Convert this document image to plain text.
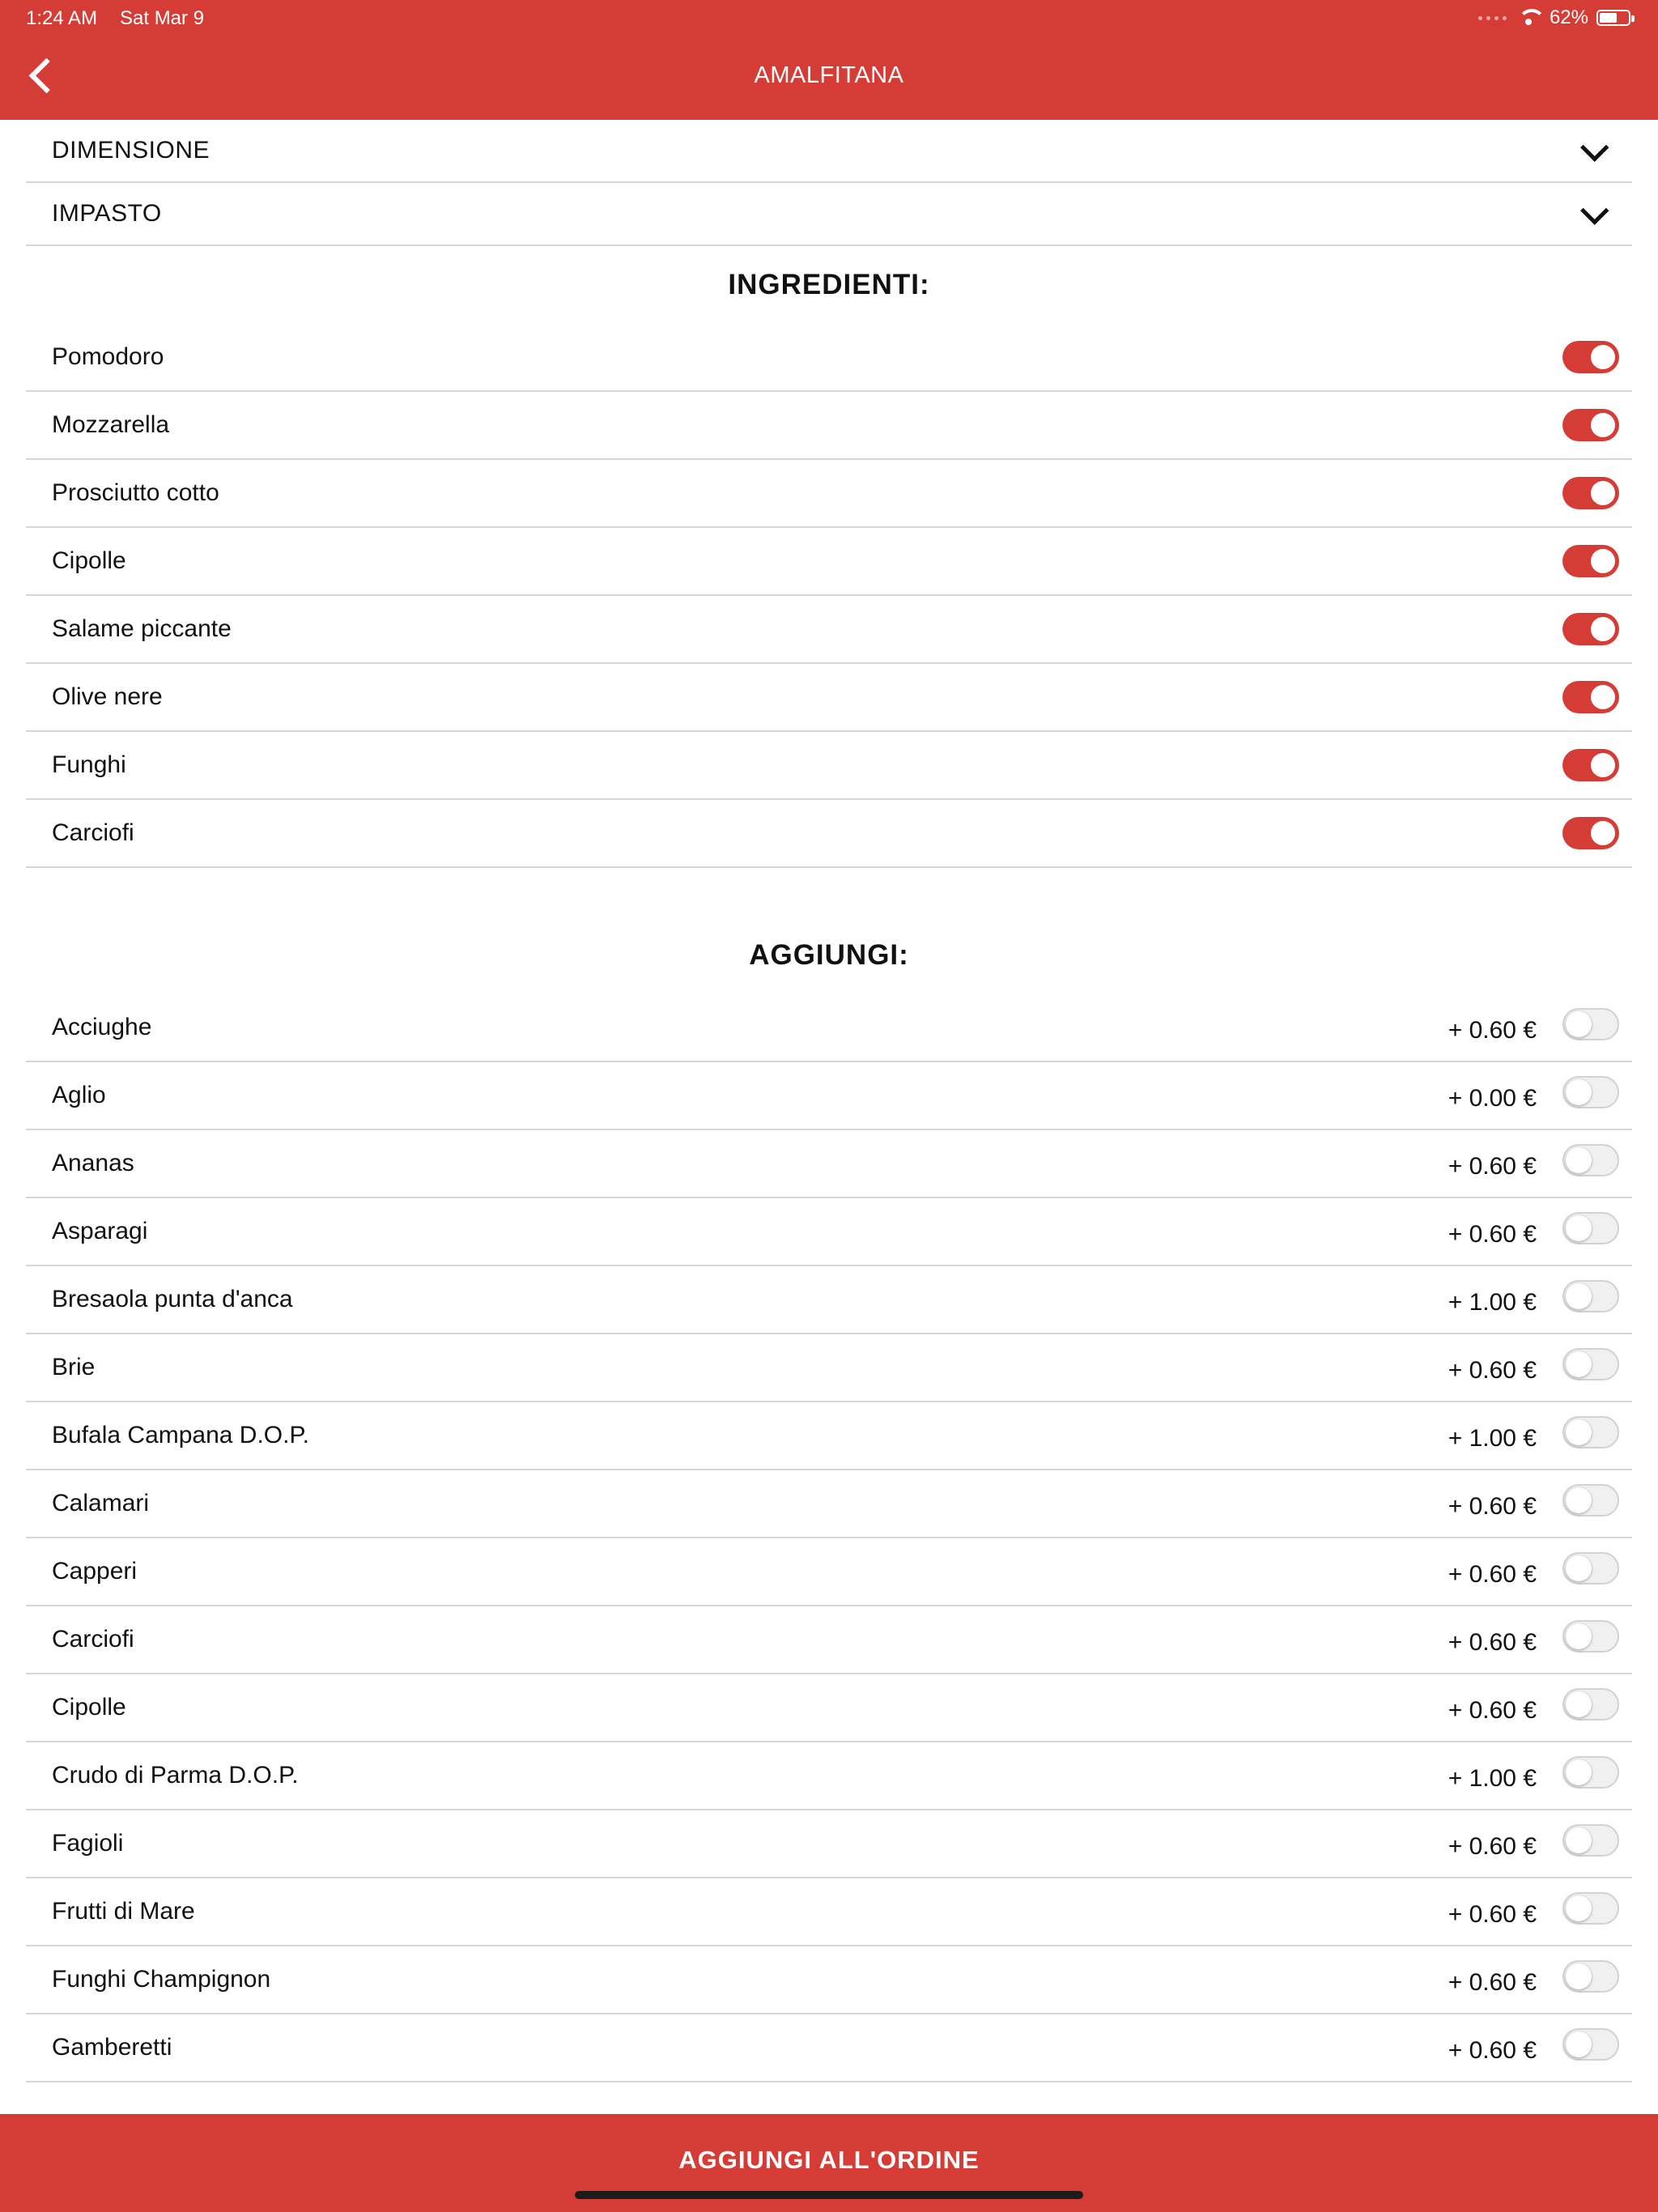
1:24 AM Sat Mar 9	62%
AMALFITANA
DIMENSIONE
IMPASTO
INGREDIENTI:
Pomodoro
Mozzarella
Prosciutto cotto
Cipolle
Salame piccante
Olive nere
Funghi
Carciofi
AGGIUNGI:
Acciughe	+ 0.60 €
Aglio	+ 0.00 €
Ananas	+ 0.60 €
Asparagi	+ 0.60 €
Bresaola punta d'anca	+ 1.00 €
Brie	+ 0.60 €
Bufala Campana D.O.P.	+ 1.00 €
Calamari	+ 0.60 €
Capperi	+ 0.60 €
Carciofi	+ 0.60 €
Cipolle	+ 0.60 €
Crudo di Parma D.O.P.	+ 1.00 €
Fagioli	+ 0.60 €
Frutti di Mare	+ 0.60 €
Funghi Champignon	+ 0.60 €
Gamberetti	+ 0.60 €
AGGIUNGI ALL'ORDINE
